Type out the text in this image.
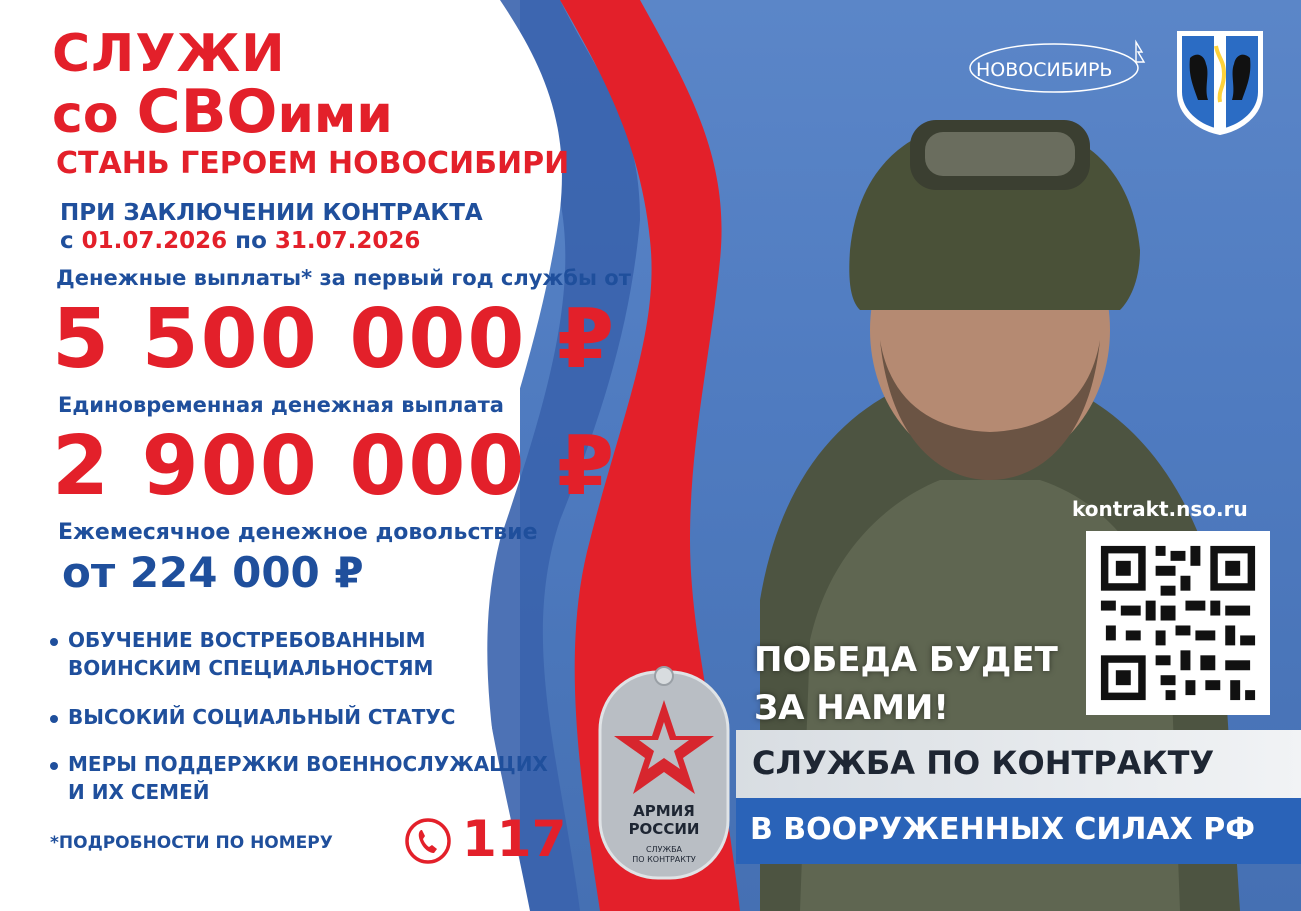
СЛУЖИ
со СВОими
СТАНЬ ГЕРОЕМ НОВОСИБИРИ
ПРИ ЗАКЛЮЧЕНИИ КОНТРАКТА
с 01.07.2026 по 31.07.2026
Денежные выплаты* за первый год службы от
5 500 000 ₽
Единовременная денежная выплата
2 900 000 ₽
Ежемесячное денежное довольствие
от 224 000 ₽
ОБУЧЕНИЕ ВОСТРЕБОВАННЫМ
ВОИНСКИМ СПЕЦИАЛЬНОСТЯМ
ВЫСОКИЙ СОЦИАЛЬНЫЙ СТАТУС
МЕРЫ ПОДДЕРЖКИ ВОЕННОСЛУЖАЩИХ
И ИХ СЕМЕЙ
*ПОДРОБНОСТИ ПО НОМЕРУ	117
НОВОСИБИРЬ
kontrakt.nso.ru
ПОБЕДА БУДЕТ
ЗА НАМИ!
СЛУЖБА ПО КОНТРАКТУ
В ВООРУЖЕННЫХ СИЛАХ РФ
АРМИЯ
РОССИИ
СЛУЖБА
ПО КОНТРАКТУ
